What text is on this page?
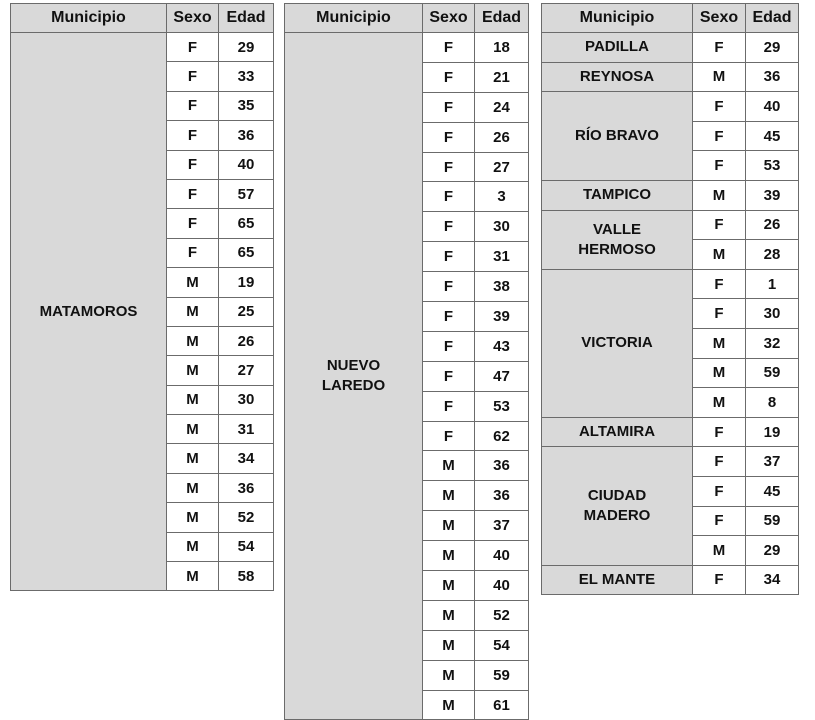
Municipio	Sexo	Edad
MATAMOROS	F	29
	F	33
	F	35
	F	36
	F	40
	F	57
	F	65
	F	65
	M	19
	M	25
	M	26
	M	27
	M	30
	M	31
	M	34
	M	36
	M	52
	M	54
	M	58
Municipio	Sexo	Edad
NUEVO
LAREDO	F	18
	F	21
	F	24
	F	26
	F	27
	F	3
	F	30
	F	31
	F	38
	F	39
	F	43
	F	47
	F	53
	F	62
	M	36
	M	36
	M	37
	M	40
	M	40
	M	52
	M	54
	M	59
	M	61
Municipio	Sexo	Edad
PADILLA	F	29
REYNOSA	M	36
RÍO BRAVO	F	40
	F	45
	F	53
TAMPICO	M	39
VALLE
HERMOSO	F	26
	M	28
VICTORIA	F	1
	F	30
	M	32
	M	59
	M	8
ALTAMIRA	F	19
CIUDAD
MADERO	F	37
	F	45
	F	59
	M	29
EL MANTE	F	34
